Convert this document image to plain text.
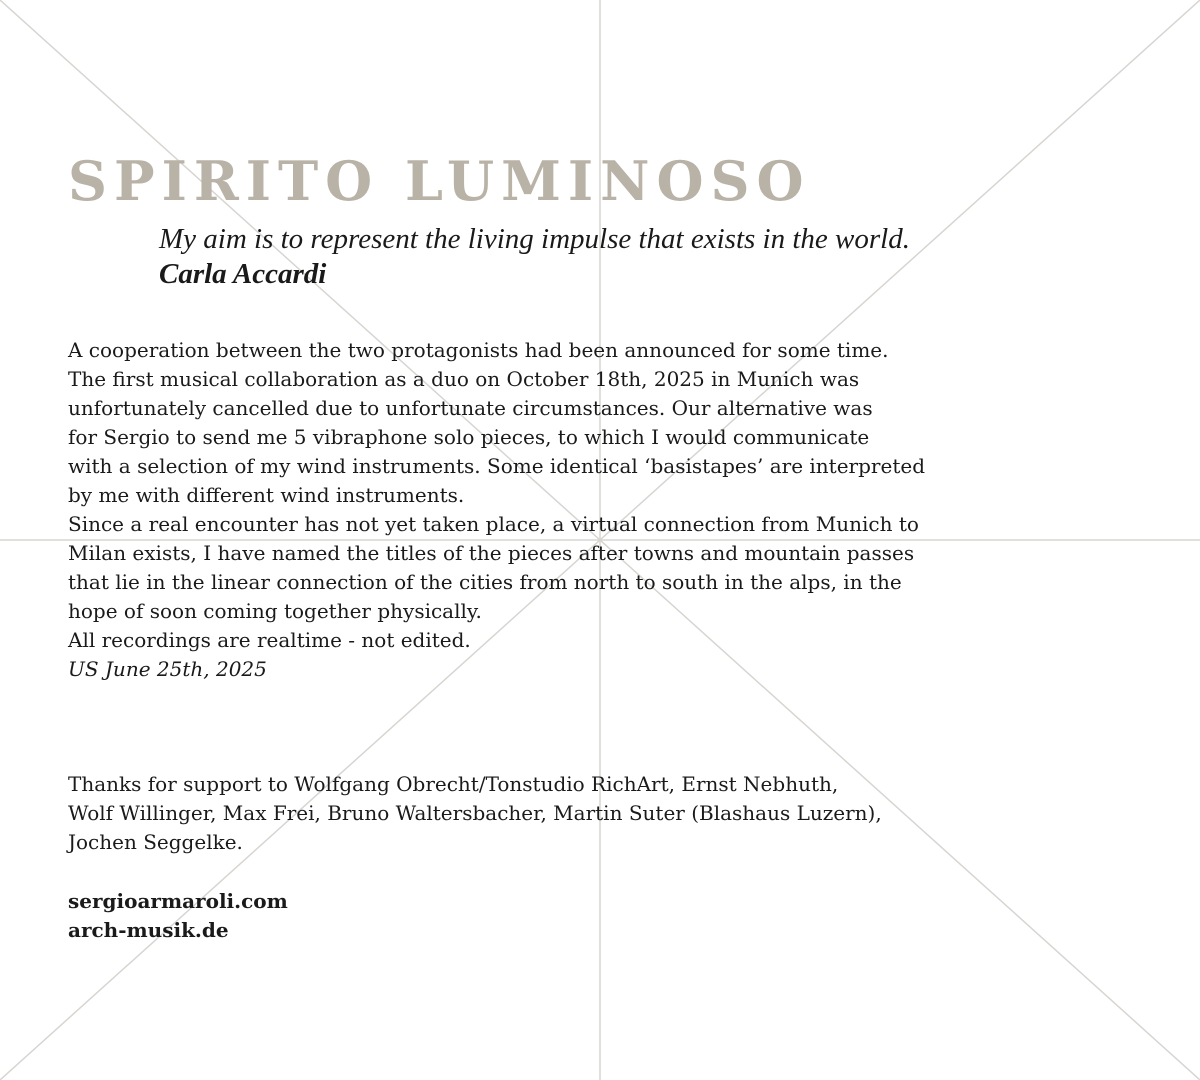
SPIRITO LUMINOSO
My aim is to represent the living impulse that exists in the world.
Carla Accardi
A cooperation between the two protagonists had been announced for some time.
The first musical collaboration as a duo on October 18th, 2025 in Munich was
unfortunately cancelled due to unfortunate circumstances. Our alternative was
for Sergio to send me 5 vibraphone solo pieces, to which I would communicate
with a selection of my wind instruments. Some identical ‘basistapes’ are interpreted
by me with different wind instruments.
Since a real encounter has not yet taken place, a virtual connection from Munich to
Milan exists, I have named the titles of the pieces after towns and mountain passes
that lie in the linear connection of the cities from north to south in the alps, in the
hope of soon coming together physically.
All recordings are realtime - not edited.
US June 25th, 2025
Thanks for support to Wolfgang Obrecht/Tonstudio RichArt, Ernst Nebhuth,
Wolf Willinger, Max Frei, Bruno Waltersbacher, Martin Suter (Blashaus Luzern),
Jochen Seggelke.
sergioarmaroli.com
arch-musik.de
